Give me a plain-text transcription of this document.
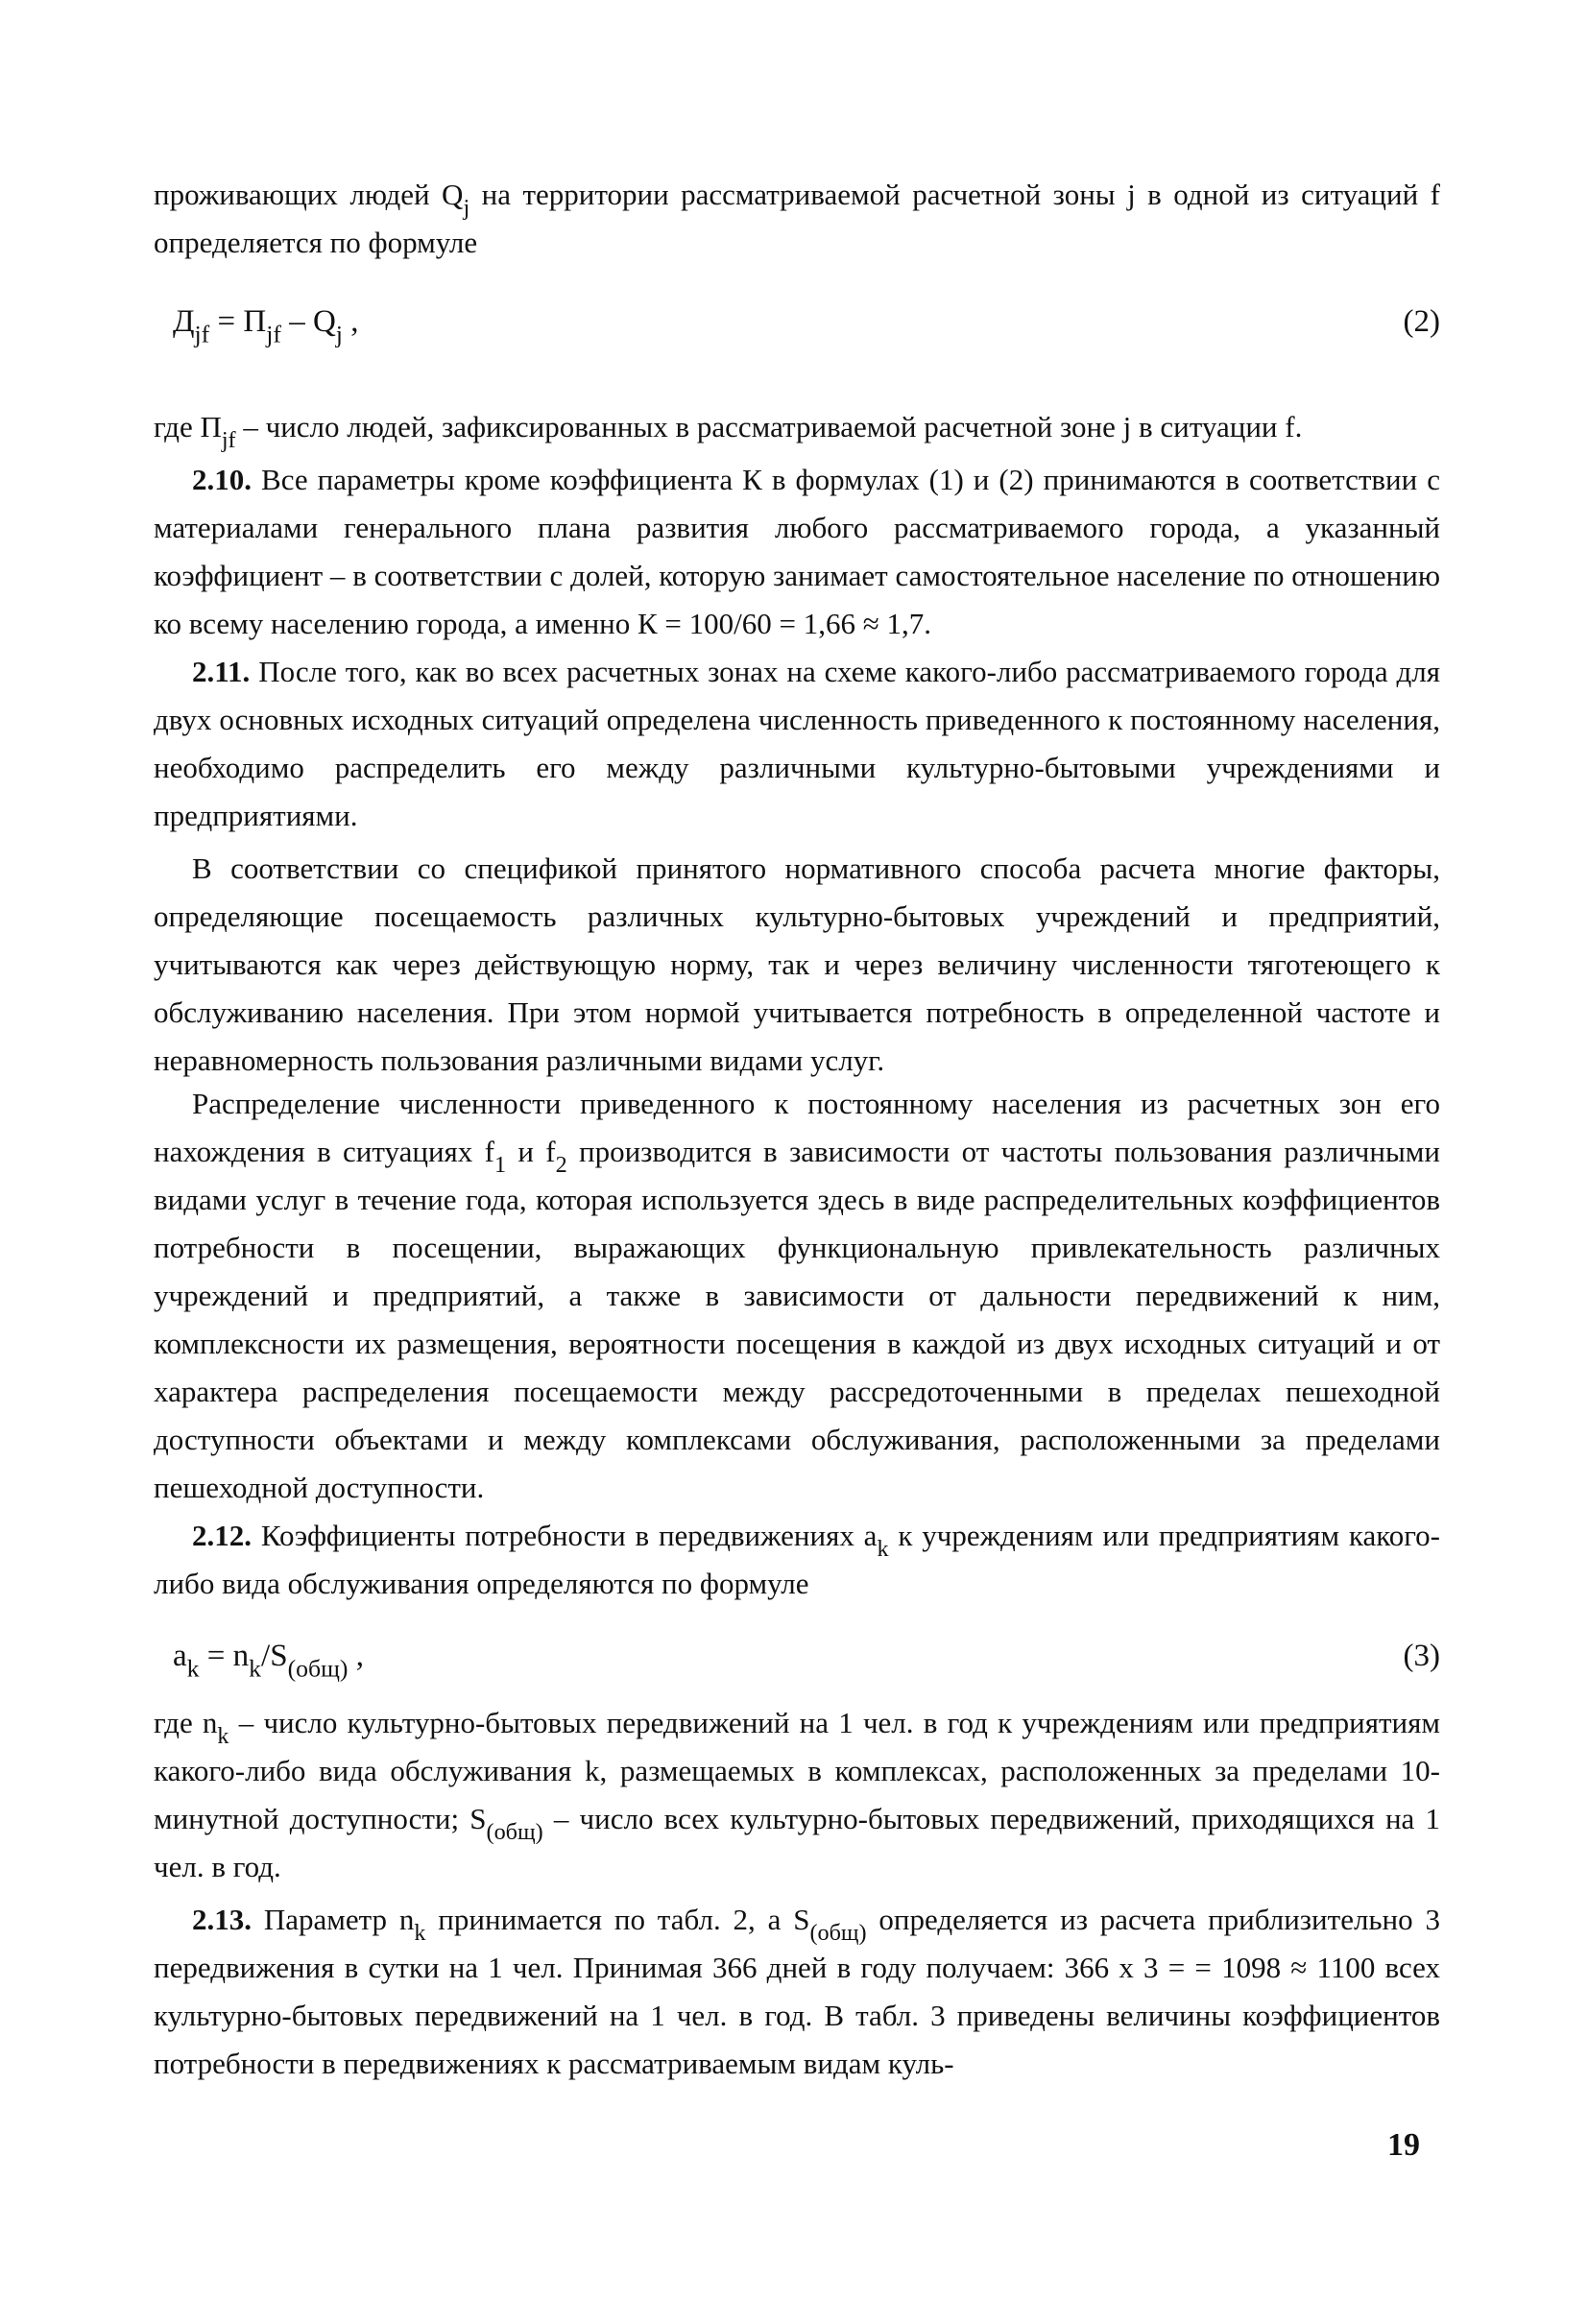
проживающих людей $Q_j$ на территории рассматриваемой расчетной зоны j в одной из ситуаций f определяется по формуле

$Д_{jf} = П_{jf} - Q_j$ ,	(2)

где $П_{jf}$ – число людей, зафиксированных в рассматриваемой расчетной зоне j в ситуации f.

2.10. Все параметры кроме коэффициента К в формулах (1) и (2) принимаются в соответствии с материалами генерального плана развития любого рассматриваемого города, а указанный коэффициент – в соответствии с долей, которую занимает самостоятельное население по отношению ко всему населению города, а именно К = 100/60 = 1,66 ≈ 1,7.

2.11. После того, как во всех расчетных зонах на схеме какого-либо рассматриваемого города для двух основных исходных ситуаций определена численность приведенного к постоянному населения, необходимо распределить его между различными культурно-бытовыми учреждениями и предприятиями.

В соответствии со спецификой принятого нормативного способа расчета многие факторы, определяющие посещаемость различных культурно-бытовых учреждений и предприятий, учитываются как через действующую норму, так и через величину численности тяготеющего к обслуживанию населения. При этом нормой учитывается потребность в определенной частоте и неравномерность пользования различными видами услуг.

Распределение численности приведенного к постоянному населения из расчетных зон его нахождения в ситуациях $f_1$ и $f_2$ производится в зависимости от частоты пользования различными видами услуг в течение года, которая используется здесь в виде распределительных коэффициентов потребности в посещении, выражающих функциональную привлекательность различных учреждений и предприятий, а также в зависимости от дальности передвижений к ним, комплексности их размещения, вероятности посещения в каждой из двух исходных ситуаций и от характера распределения посещаемости между рассредоточенными в пределах пешеходной доступности объектами и между комплексами обслуживания, расположенными за пределами пешеходной доступности.

2.12. Коэффициенты потребности в передвижениях $a_k$ к учреждениям или предприятиям какого-либо вида обслуживания определяются по формуле

$a_k = n_k/S_{(общ)}$ ,	(3)

где $n_k$ – число культурно-бытовых передвижений на 1 чел. в год к учреждениям или предприятиям какого-либо вида обслуживания k, размещаемых в комплексах, расположенных за пределами 10-минутной доступности; $S_{(общ)}$ – число всех культурно-бытовых передвижений, приходящихся на 1 чел. в год.

2.13. Параметр $n_k$ принимается по табл. 2, а $S_{(общ)}$ определяется из расчета приблизительно 3 передвижения в сутки на 1 чел. Принимая 366 дней в году получаем: 366 x 3 = = 1098 ≈ 1100 всех культурно-бытовых передвижений на 1 чел. в год. В табл. 3 приведены величины коэффициентов потребности в передвижениях к рассматриваемым видам куль-

19
